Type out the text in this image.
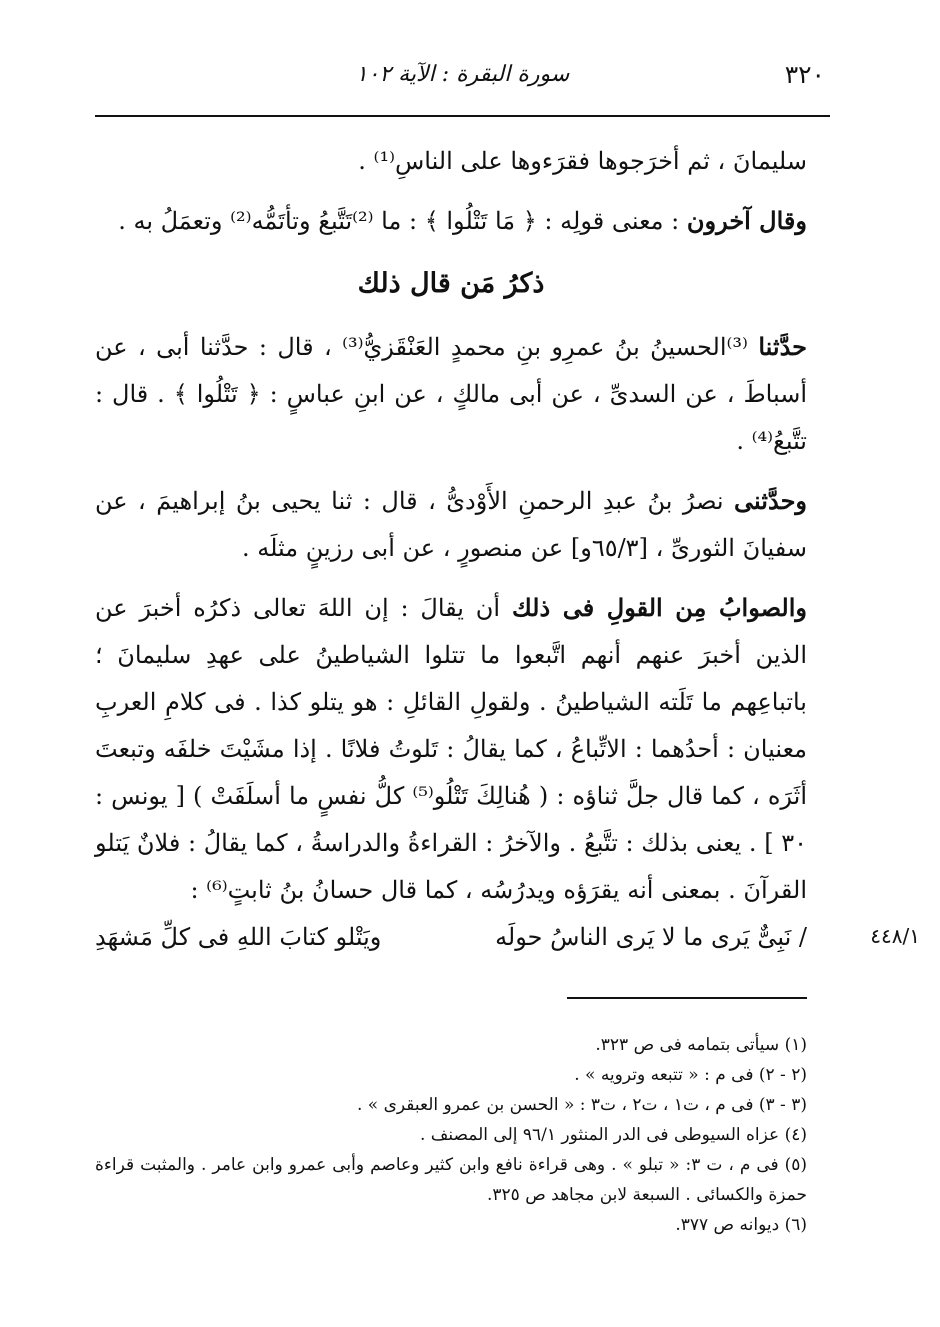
٣٢٠
سورة البقرة : الآية ١٠٢

سليمانَ ، ثم أخرَجوها فقرَءوها على الناسِ⁽¹⁾ .

وقال آخرون : معنى قولِه : ﴿ مَا تَتْلُوا ﴾ : ما ⁽²⁾تَتَّبعُ وتأتَمُّه⁽²⁾ وتعمَلُ به .

ذكرُ مَن قال ذلك

حدَّثنا ⁽³⁾الحسينُ بنُ عمرِو بنِ محمدٍ العَنْقَزيُّ⁽³⁾ ، قال : حدَّثنا أبى ، عن أسباطَ ، عن السدىِّ ، عن أبى مالكٍ ، عن ابنِ عباسٍ : ﴿ تَتْلُوا ﴾ . قال : تتَّبعُ⁽⁴⁾ .

وحدَّثنى نصرُ بنُ عبدِ الرحمنِ الأَوْدىُّ ، قال : ثنا يحيى بنُ إبراهيمَ ، عن سفيانَ الثورىِّ ، [٦٥/٣و] عن منصورٍ ، عن أبى رزينٍ مثلَه .

والصوابُ مِن القولِ فى ذلك أن يقالَ : إن اللهَ تعالى ذكرُه أخبرَ عن الذين أخبرَ عنهم أنهم اتَّبعوا ما تتلوا الشياطينُ على عهدِ سليمانَ ؛ باتباعِهم ما تَلَته الشياطينُ . ولقولِ القائلِ : هو يتلو كذا . فى كلامِ العربِ معنيان : أحدُهما : الاتِّباعُ ، كما يقالُ : تَلوتُ فلانًا . إذا مشَيْتَ خلفَه وتبعتَ أثَرَه ، كما قال جلَّ ثناؤه : ( هُنالِكَ تَتْلُو⁽⁵⁾ كلُّ نفسٍ ما أسلَفَتْ ) [ يونس : ٣٠ ] . يعنى بذلك : تتَّبعُ . والآخرُ : القراءةُ والدراسةُ ، كما يقالُ : فلانٌ يَتلو القرآنَ . بمعنى أنه يقرَؤه ويدرُسُه ، كما قال حسانُ بنُ ثابتٍ⁽⁶⁾ :

/ نَبِىٌّ يَرى ما لا يَرى الناسُ حولَه
ويَتْلو كتابَ اللهِ فى كلِّ مَشهَدِ	٤٤٨/١

(١) سيأتى بتمامه فى ص ٣٢٣.

(٢ - ٢) فى م : « تتبعه وترويه » .

(٣ - ٣) فى م ، ت١ ، ت٢ ، ت٣ : « الحسن بن عمرو العبقرى » .

(٤) عزاه السيوطى فى الدر المنثور ٩٦/١ إلى المصنف .

(٥) فى م ، ت ٣: « تبلو » . وهى قراءة نافع وابن كثير وعاصم وأبى عمرو وابن عامر . والمثبت قراءة حمزة والكسائى . السبعة لابن مجاهد ص ٣٢٥.

(٦) ديوانه ص ٣٧٧.
